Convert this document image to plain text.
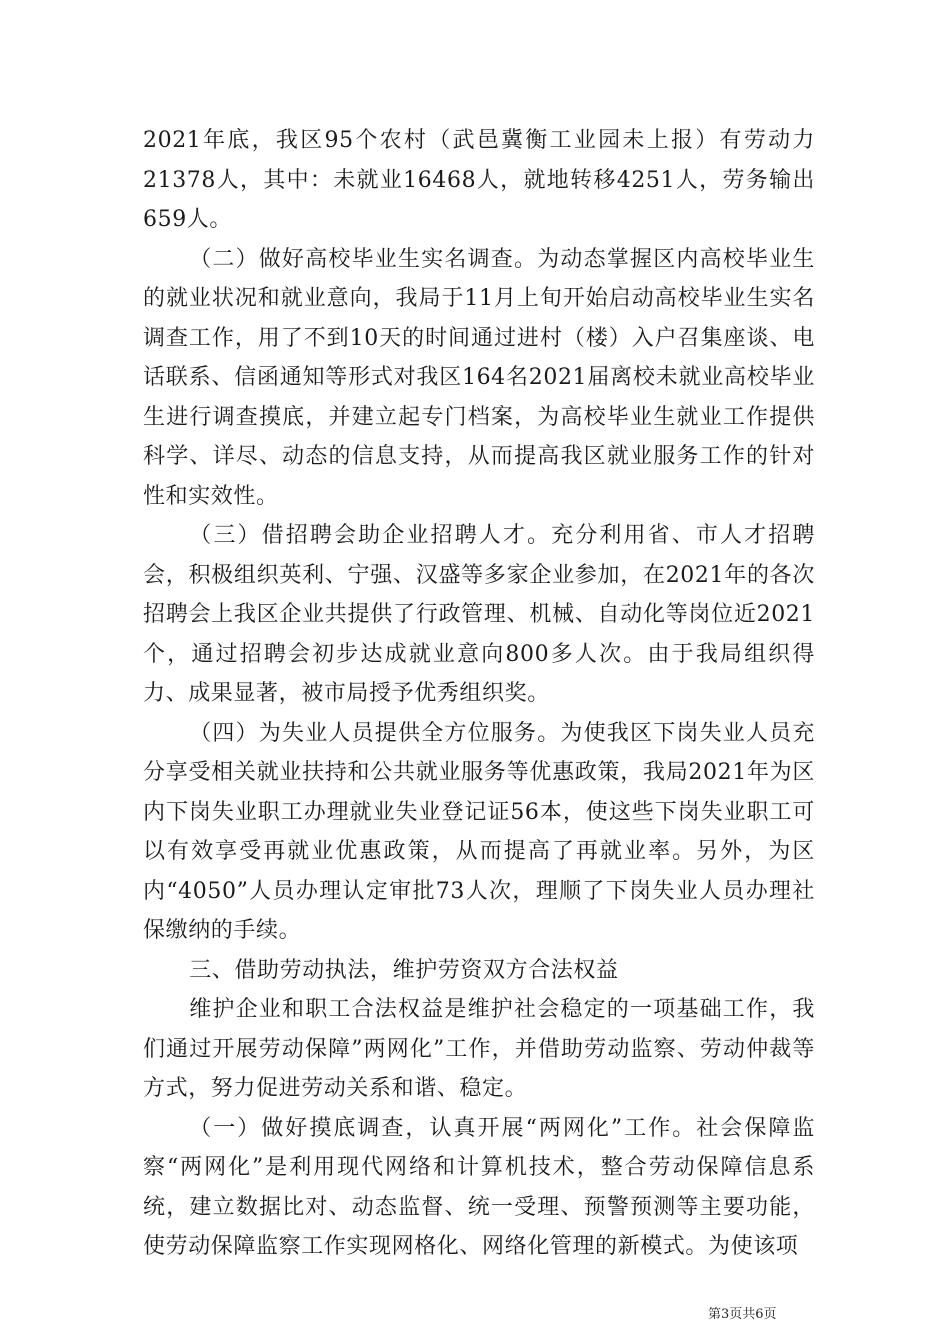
2021年底，我区95个农村（武邑冀衡工业园未上报）有劳动力21378人，其中：未就业16468人，就地转移4251人，劳务输出659人。

（二）做好高校毕业生实名调查。为动态掌握区内高校毕业生的就业状况和就业意向，我局于11月上旬开始启动高校毕业生实名调查工作，用了不到10天的时间通过进村（楼）入户召集座谈、电话联系、信函通知等形式对我区164名2021届离校未就业高校毕业生进行调查摸底，并建立起专门档案，为高校毕业生就业工作提供科学、详尽、动态的信息支持，从而提高我区就业服务工作的针对性和实效性。

（三）借招聘会助企业招聘人才。充分利用省、市人才招聘会，积极组织英利、宁强、汉盛等多家企业参加，在2021年的各次招聘会上我区企业共提供了行政管理、机械、自动化等岗位近2021个，通过招聘会初步达成就业意向800多人次。由于我局组织得力、成果显著，被市局授予优秀组织奖。

（四）为失业人员提供全方位服务。为使我区下岗失业人员充分享受相关就业扶持和公共就业服务等优惠政策，我局2021年为区内下岗失业职工办理就业失业登记证56本，使这些下岗失业职工可以有效享受再就业优惠政策，从而提高了再就业率。另外，为区内“4050”人员办理认定审批73人次，理顺了下岗失业人员办理社保缴纳的手续。

三、借助劳动执法，维护劳资双方合法权益

维护企业和职工合法权益是维护社会稳定的一项基础工作，我们通过开展劳动保障”两网化”工作，并借助劳动监察、劳动仲裁等方式，努力促进劳动关系和谐、稳定。

（一）做好摸底调查，认真开展“两网化”工作。社会保障监察“两网化”是利用现代网络和计算机技术，整合劳动保障信息系统，建立数据比对、动态监督、统一受理、预警预测等主要功能，使劳动保障监察工作实现网格化、网络化管理的新模式。为使该项

第3页共6页
